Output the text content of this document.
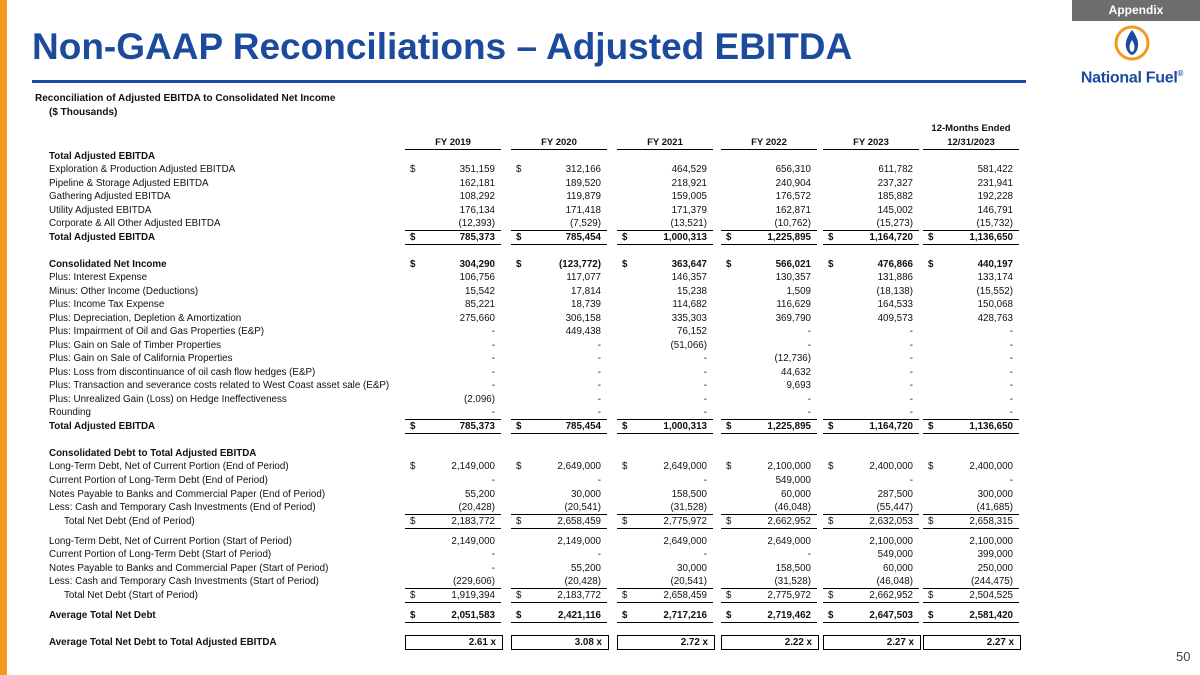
Appendix
Non-GAAP Reconciliations – Adjusted EBITDA
National Fuel®
Reconciliation of Adjusted EBITDA to Consolidated Net Income
($ Thousands)
FY 2019	FY 2020	FY 2021	FY 2022	FY 2023
12-Months Ended
12/31/2023
Total Adjusted EBITDA
Exploration & Production Adjusted EBITDA	$	351,159 $	312,166	464,529	656,310	611,782	581,422
Pipeline & Storage Adjusted EBITDA	162,181	189,520	218,921	240,904	237,327	231,941
Gathering Adjusted EBITDA	108,292	119,879	159,005	176,572	185,882	192,228
Utility Adjusted EBITDA	176,134	171,418	171,379	162,871	145,002	146,791
Corporate & All Other Adjusted EBITDA	(12,393)	(7,529)	(13,521)	(10,762)	(15,273)	(15,732)
Total Adjusted EBITDA	$	785,373 $	785,454 $	1,000,313 $	1,225,895 $	1,164,720 $	1,136,650
Consolidated Net Income	$	304,290 $	(123,772) $	363,647 $	566,021 $	476,866 $	440,197
Plus: Interest Expense	106,756	117,077	146,357	130,357	131,886	133,174
Minus: Other Income (Deductions)	15,542	17,814	15,238	1,509	(18,138)	(15,552)
Plus: Income Tax Expense	85,221	18,739	114,682	116,629	164,533	150,068
Plus: Depreciation, Depletion & Amortization	275,660	306,158	335,303	369,790	409,573	428,763
Plus: Impairment of Oil and Gas Properties (E&P)	-	449,438	76,152	-	-	-
Plus: Gain on Sale of Timber Properties	-	-	(51,066)	-	-	-
Plus: Gain on Sale of California Properties	-	-	-	(12,736)	-	-
Plus: Loss from discontinuance of oil cash flow hedges (E&P)	-	-	-	44,632	-	-
Plus: Transaction and severance costs related to West Coast asset sale (E&P)	-	-	-	9,693	-	-
Plus: Unrealized Gain (Loss) on Hedge Ineffectiveness	(2,096)	-	-	-	-	-
Rounding	-	-	-	-	-	-
Total Adjusted EBITDA	$	785,373 $	785,454 $	1,000,313 $	1,225,895 $	1,164,720 $	1,136,650
Consolidated Debt to Total Adjusted EBITDA
Long-Term Debt, Net of Current Portion (End of Period)	$	2,149,000 $	2,649,000 $	2,649,000 $	2,100,000 $	2,400,000 $	2,400,000
Current Portion of Long-Term Debt (End of Period)	-	-	-	549,000	-	-
Notes Payable to Banks and Commercial Paper (End of Period)	55,200	30,000	158,500	60,000	287,500	300,000
Less: Cash and Temporary Cash Investments (End of Period)	(20,428)	(20,541)	(31,528)	(46,048)	(55,447)	(41,685)
Total Net Debt (End of Period)	$	2,183,772 $	2,658,459 $	2,775,972 $	2,662,952 $	2,632,053 $	2,658,315
Long-Term Debt, Net of Current Portion (Start of Period)	2,149,000	2,149,000	2,649,000	2,649,000	2,100,000	2,100,000
Current Portion of Long-Term Debt (Start of Period)	-	-	-	-	549,000	399,000
Notes Payable to Banks and Commercial Paper (Start of Period)	-	55,200	30,000	158,500	60,000	250,000
Less: Cash and Temporary Cash Investments (Start of Period)	(229,606)	(20,428)	(20,541)	(31,528)	(46,048)	(244,475)
Total Net Debt (Start of Period)	$	1,919,394 $	2,183,772 $	2,658,459 $	2,775,972 $	2,662,952 $	2,504,525
Average Total Net Debt	$	2,051,583 $	2,421,116 $	2,717,216 $	2,719,462 $	2,647,503 $	2,581,420
Average Total Net Debt to Total Adjusted EBITDA	2.61 x	3.08 x	2.72 x	2.22 x	2.27 x	2.27 x
50
